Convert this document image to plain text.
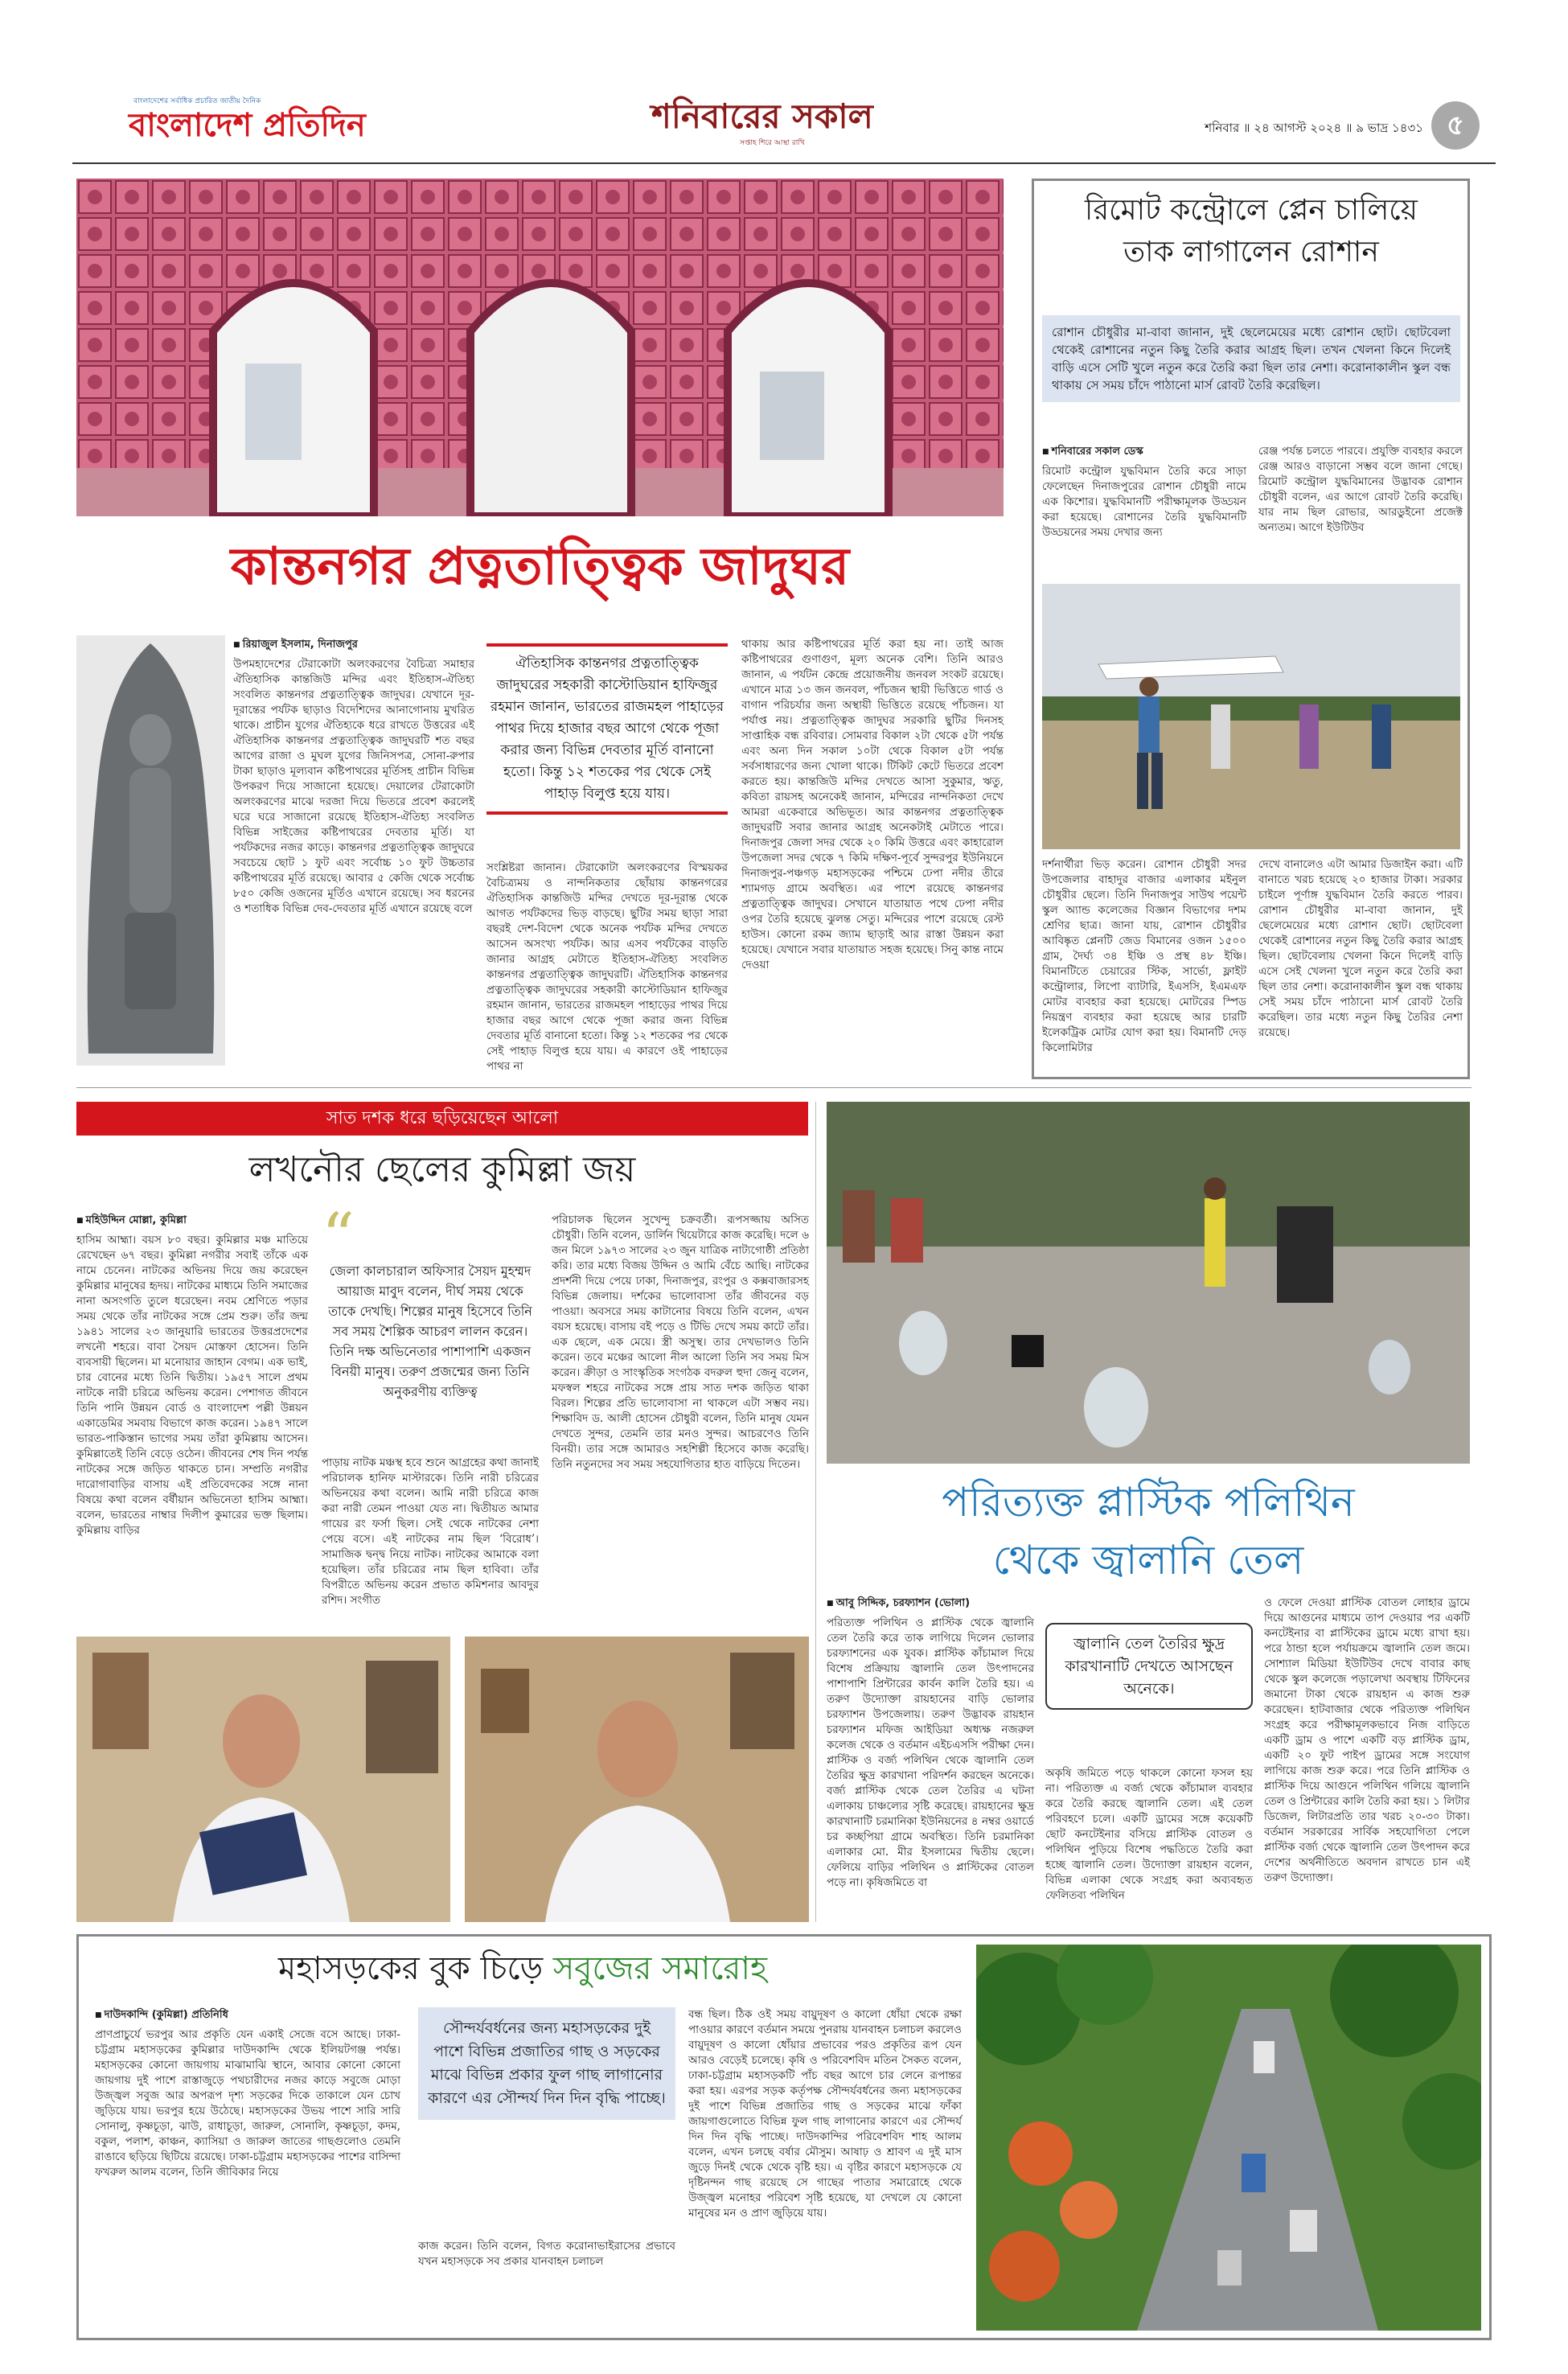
বাংলাদেশের সর্বাধিক প্রচারিত জাতীয় দৈনিক
বাংলাদেশ প্রতিদিন	শনিবারের সকাল
সপ্তাহ শিরে আস্থা রাখি
শনিবার ॥ ২৪ আগস্ট ২০২৪ ॥ ৯ ভাদ্র ১৪৩১ ৫
কান্তনগর প্রত্নতাত্ত্বিক জাদুঘর

■ রিয়াজুল ইসলাম, দিনাজপুর

উপমহাদেশের টেরাকোটা অলংকরণের বৈচিত্র্য সমাহার ঐতিহাসিক কান্তজিউ মন্দির এবং ইতিহাস-ঐতিহ্য সংবলিত কান্তনগর প্রত্নতাত্ত্বিক জাদুঘর। যেখানে দূর-দূরান্তের পর্যটক ছাড়াও বিদেশিদের আনাগোনায় মুখরিত থাকে। প্রাচীন যুগের ঐতিহ্যকে ধরে রাখতে উত্তরের এই ঐতিহাসিক কান্তনগর প্রত্নতাত্ত্বিক জাদুঘরটি শত বছর আগের রাজা ও মুঘল যুগের জিনিসপত্র, সোনা-রুপার টাকা ছাড়াও মূল্যবান কষ্টিপাথরের মূর্তিসহ প্রাচীন বিভিন্ন উপকরণ দিয়ে সাজানো হয়েছে। দেয়ালের টেরাকোটা অলংকরণের মাঝে দরজা দিয়ে ভিতরে প্রবেশ করলেই ঘরে ঘরে সাজানো রয়েছে ইতিহাস-ঐতিহ্য সংবলিত বিভিন্ন সাইজের কষ্টিপাথরের দেবতার মূর্তি। যা পর্যটকদের নজর কাড়ে। কান্তনগর প্রত্নতাত্ত্বিক জাদুঘরে সবচেয়ে ছোট ১ ফুট এবং সর্বোচ্চ ১০ ফুট উচ্চতার কষ্টিপাথরের মূর্তি রয়েছে। আবার ৫ কেজি থেকে সর্বোচ্চ ৮৫০ কেজি ওজনের মূর্তিও এখানে রয়েছে। সব ধরনের ও শতাধিক বিভিন্ন দেব-দেবতার মূর্তি এখানে রয়েছে বলে

ঐতিহাসিক কান্তনগর প্রত্নতাত্ত্বিক জাদুঘরের সহকারী কাস্টোডিয়ান হাফিজুর রহমান জানান, ভারতের রাজমহল পাহাড়ের পাথর দিয়ে হাজার বছর আগে থেকে পূজা করার জন্য বিভিন্ন দেবতার মূর্তি বানানো হতো। কিন্তু ১২ শতকের পর থেকে সেই পাহাড় বিলুপ্ত হয়ে যায়।

সংশ্লিষ্টরা জানান। টেরাকোটা অলংকরণের বিস্ময়কর বৈচিত্র্যময় ও নান্দনিকতার ছোঁয়ায় কান্তনগরের ঐতিহাসিক কান্তজিউ মন্দির দেখতে দূর-দূরান্ত থেকে আগত পর্যটকদের ভিড় বাড়ছে। ছুটির সময় ছাড়া সারা বছরই দেশ-বিদেশ থেকে অনেক পর্যটক মন্দির দেখতে আসেন অসংখ্য পর্যটক। আর এসব পর্যটকের বাড়তি জানার আগ্রহ মেটাতে ইতিহাস-ঐতিহ্য সংবলিত কান্তনগর প্রত্নতাত্ত্বিক জাদুঘরটি। ঐতিহাসিক কান্তনগর প্রত্নতাত্ত্বিক জাদুঘরের সহকারী কাস্টোডিয়ান হাফিজুর রহমান জানান, ভারতের রাজমহল পাহাড়ের পাথর দিয়ে হাজার বছর আগে থেকে পূজা করার জন্য বিভিন্ন দেবতার মূর্তি বানানো হতো। কিন্তু ১২ শতকের পর থেকে সেই পাহাড় বিলুপ্ত হয়ে যায়। এ কারণে ওই পাহাড়ের পাথর না

থাকায় আর কষ্টিপাথরের মূর্তি করা হয় না। তাই আজ কষ্টিপাথরের গুণাগুণ, মূল্য অনেক বেশি। তিনি আরও জানান, এ পর্যটন কেন্দ্রে প্রয়োজনীয় জনবল সংকট রয়েছে। এখানে মাত্র ১৩ জন জনবল, পাঁচজন স্থায়ী ভিত্তিতে গার্ড ও বাগান পরিচর্যার জন্য অস্থায়ী ভিত্তিতে রয়েছে পাঁচজন। যা পর্যাপ্ত নয়। প্রত্নতাত্ত্বিক জাদুঘর সরকারি ছুটির দিনসহ সাপ্তাহিক বন্ধ রবিবার। সোমবার বিকাল ২টা থেকে ৫টা পর্যন্ত এবং অন্য দিন সকাল ১০টা থেকে বিকাল ৫টা পর্যন্ত সর্বসাধারণের জন্য খোলা থাকে। টিকিট কেটে ভিতরে প্রবেশ করতে হয়। কান্তজিউ মন্দির দেখতে আসা সুকুমার, ঋতু, কবিতা রায়সহ অনেকেই জানান, মন্দিরের নান্দনিকতা দেখে আমরা একেবারে অভিভূত। আর কান্তনগর প্রত্নতাত্ত্বিক জাদুঘরটি সবার জানার আগ্রহ অনেকটাই মেটাতে পারে। দিনাজপুর জেলা সদর থেকে ২০ কিমি উত্তরে এবং কাহারোল উপজেলা সদর থেকে ৭ কিমি দক্ষিণ-পূর্বে সুন্দরপুর ইউনিয়নে দিনাজপুর-পঞ্চগড় মহাসড়কের পশ্চিমে ঢেপা নদীর তীরে শ্যামগড় গ্রামে অবস্থিত। এর পাশে রয়েছে কান্তনগর প্রত্নতাত্ত্বিক জাদুঘর। সেখানে যাতায়াত পথে ঢেপা নদীর ওপর তৈরি হয়েছে ঝুলন্ত সেতু। মন্দিরের পাশে রয়েছে রেস্ট হাউস। কোনো রকম জ্যাম ছাড়াই আর রাস্তা উন্নয়ন করা হয়েছে। যেখানে সবার যাতায়াত সহজ হয়েছে। সিনু কান্ত নামে দেওয়া

রিমোট কন্ট্রোলে প্লেন চালিয়ে
তাক লাগালেন রোশান

রোশান চৌধুরীর মা-বাবা জানান, দুই ছেলেমেয়ের মধ্যে রোশান ছোট। ছোটবেলা থেকেই রোশানের নতুন কিছু তৈরি করার আগ্রহ ছিল। তখন খেলনা কিনে দিলেই বাড়ি এসে সেটি খুলে নতুন করে তৈরি করা ছিল তার নেশা। করোনাকালীন স্কুল বন্ধ থাকায় সে সময় চাঁদে পাঠানো মার্স রোবট তৈরি করেছিল।

■ শনিবারের সকাল ডেস্ক

রিমোট কন্ট্রোল যুদ্ধবিমান তৈরি করে সাড়া ফেলেছেন দিনাজপুরের রোশান চৌধুরী নামে এক কিশোর। যুদ্ধবিমানটি পরীক্ষামূলক উড্ডয়ন করা হয়েছে। রোশানের তৈরি যুদ্ধবিমানটি উড্ডয়নের সময় দেখার জন্য

রেঞ্জ পর্যন্ত চলতে পারবে। প্রযুক্তি ব্যবহার করলে রেঞ্জ আরও বাড়ানো সম্ভব বলে জানা গেছে। রিমোট কন্ট্রোল যুদ্ধবিমানের উদ্ভাবক রোশান চৌধুরী বলেন, এর আগে রোবট তৈরি করেছি। যার নাম ছিল রোভার, আরডুইনো প্রজেক্ট অন্যতম। আগে ইউটিউব

দর্শনার্থীরা ভিড় করেন। রোশান চৌধুরী সদর উপজেলার বাহাদুর বাজার এলাকার মইনুল চৌধুরীর ছেলে। তিনি দিনাজপুর সাউথ পয়েন্ট স্কুল অ্যান্ড কলেজের বিজ্ঞান বিভাগের দশম শ্রেণির ছাত্র। জানা যায়, রোশান চৌধুরীর আবিষ্কৃত প্লেনটি জেড বিমানের ওজন ১৫০০ গ্রাম, দৈর্ঘ্য ৩৪ ইঞ্চি ও প্রস্থ ৪৮ ইঞ্চি। বিমানটিতে চেয়ারের স্টিক, সার্ভো, ফ্লাইট কন্ট্রোলার, লিপো ব্যাটারি, ইএসসি, ইএমএফ মোটর ব্যবহার করা হয়েছে। মোটরের স্পিড নিয়ন্ত্রণ ব্যবহার করা হয়েছে আর চারটি ইলেকট্রিক মোটর যোগ করা হয়। বিমানটি দেড় কিলোমিটার

দেখে বানালেও এটা আমার ডিজাইন করা। এটি বানাতে খরচ হয়েছে ২০ হাজার টাকা। সরকার চাইলে পূর্ণাঙ্গ যুদ্ধবিমান তৈরি করতে পারব। রোশান চৌধুরীর মা-বাবা জানান, দুই ছেলেমেয়ের মধ্যে রোশান ছোট। ছোটবেলা থেকেই রোশানের নতুন কিছু তৈরি করার আগ্রহ ছিল। ছোটবেলায় খেলনা কিনে দিলেই বাড়ি এসে সেই খেলনা খুলে নতুন করে তৈরি করা ছিল তার নেশা। করোনাকালীন স্কুল বন্ধ থাকায় সেই সময় চাঁদে পাঠানো মার্স রোবট তৈরি করেছিল। তার মধ্যে নতুন কিছু তৈরির নেশা রয়েছে।

সাত দশক ধরে ছড়িয়েছেন আলো
লখনৌর ছেলের কুমিল্লা জয়

■ মহিউদ্দিন মোল্লা, কুমিল্লা

হাসিম আহ্মা। বয়স ৮০ বছর। কুমিল্লার মঞ্চ মাতিয়ে রেখেছেন ৬৭ বছর। কুমিল্লা নগরীর সবাই তাঁকে এক নামে চেনেন। নাটকের অভিনয় দিয়ে জয় করেছেন কুমিল্লার মানুষের হৃদয়। নাটকের মাধ্যমে তিনি সমাজের নানা অসংগতি তুলে ধরেছেন। নবম শ্রেণিতে পড়ার সময় থেকে তাঁর নাটকের সঙ্গে প্রেম শুরু। তাঁর জন্ম ১৯৪১ সালের ২৩ জানুয়ারি ভারতের উত্তরপ্রদেশের লখনৌ শহরে। বাবা সৈয়দ মোস্তফা হোসেন। তিনি ব্যবসায়ী ছিলেন। মা মনোয়ার জাহান বেগম। এক ভাই, চার বোনের মধ্যে তিনি দ্বিতীয়। ১৯৫৭ সালে প্রথম নাটকে নারী চরিত্রে অভিনয় করেন। পেশাগত জীবনে তিনি পানি উন্নয়ন বোর্ড ও বাংলাদেশ পল্লী উন্নয়ন একাডেমির সমবায় বিভাগে কাজ করেন। ১৯৪৭ সালে ভারত-পাকিস্তান ভাগের সময় তাঁরা কুমিল্লায় আসেন। কুমিল্লাতেই তিনি বেড়ে ওঠেন। জীবনের শেষ দিন পর্যন্ত নাটকের সঙ্গে জড়িত থাকতে চান। সম্প্রতি নগরীর দারোগাবাড়ির বাসায় এই প্রতিবেদকের সঙ্গে নানা বিষয়ে কথা বলেন বর্ষীয়ান অভিনেতা হাসিম আহ্মা। বলেন, ভারতের নাম্বার দিলীপ কুমারের ভক্ত ছিলাম। কুমিল্লায় বাড়ির

“

জেলা কালচারাল অফিসার সৈয়দ মুহম্মদ আয়াজ মাবুদ বলেন, দীর্ঘ সময় থেকে তাকে দেখছি। শিল্পের মানুষ হিসেবে তিনি সব সময় শৈল্পিক আচরণ লালন করেন। তিনি দক্ষ অভিনেতার পাশাপাশি একজন বিনয়ী মানুষ। তরুণ প্রজন্মের জন্য তিনি অনুকরণীয় ব্যক্তিত্ব

পাড়ায় নাটক মঞ্চস্থ হবে শুনে আগ্রহের কথা জানাই পরিচালক হানিফ মাস্টারকে। তিনি নারী চরিত্রের অভিনয়ের কথা বলেন। আমি নারী চরিত্রে কাজ করা নারী তেমন পাওয়া যেত না। দ্বিতীয়ত আমার গায়ের রং ফর্সা ছিল। সেই থেকে নাটকের নেশা পেয়ে বসে। এই নাটকের নাম ছিল ‘বিরোধ’। সামাজিক দ্বন্দ্ব নিয়ে নাটক। নাটকের আমাকে বলা হয়েছিল। তাঁর চরিত্রের নাম ছিল হাবিবা। তাঁর বিপরীতে অভিনয় করেন প্রভাত কমিশনার আবদুর রশিদ। সংগীত

পরিচালক ছিলেন সুখেন্দু চক্রবর্তী। রূপসজ্জায় অসিত চৌধুরী। তিনি বলেন, ডার্লিন থিয়েটারে কাজ করেছি। দলে ৬ জন মিলে ১৯৭৩ সালের ২৩ জুন যাত্রিক নাট্যগোষ্ঠী প্রতিষ্ঠা করি। তার মধ্যে বিজয় উদ্দিন ও আমি বেঁচে আছি। নাটকের প্রদর্শনী দিয়ে পেয়ে ঢাকা, দিনাজপুর, রংপুর ও কক্সবাজারসহ বিভিন্ন জেলায়। দর্শকের ভালোবাসা তাঁর জীবনের বড় পাওয়া। অবসরে সময় কাটানোর বিষয়ে তিনি বলেন, এখন বয়স হয়েছে। বাসায় বই পড়ে ও টিভি দেখে সময় কাটে তাঁর। এক ছেলে, এক মেয়ে। স্ত্রী অসুস্থ। তার দেখভালও তিনি করেন। তবে মঞ্চের আলো নীল আলো তিনি সব সময় মিস করেন। ক্রীড়া ও সাংস্কৃতিক সংগঠক বদরুল হুদা জেনু বলেন, মফস্বল শহরে নাটকের সঙ্গে প্রায় সাত দশক জড়িত থাকা বিরল। শিল্পের প্রতি ভালোবাসা না থাকলে এটা সম্ভব নয়। শিক্ষাবিদ ড. আলী হোসেন চৌধুরী বলেন, তিনি মানুষ যেমন দেখতে সুন্দর, তেমনি তার মনও সুন্দর। আচরণেও তিনি বিনয়ী। তার সঙ্গে আমারও সহশিল্পী হিসেবে কাজ করেছি। তিনি নতুনদের সব সময় সহযোগিতার হাত বাড়িয়ে দিতেন।

পরিত্যক্ত প্লাস্টিক পলিথিন
থেকে জ্বালানি তেল

■ আবু সিদ্দিক, চরফ্যাশন (ভোলা)

পরিত্যক্ত পলিথিন ও প্লাস্টিক থেকে জ্বালানি তেল তৈরি করে তাক লাগিয়ে দিলেন ভোলার চরফ্যাশনের এক যুবক। প্লাস্টিক কাঁচামাল দিয়ে বিশেষ প্রক্রিয়ায় জ্বালানি তেল উৎপাদনের পাশাপাশি প্রিন্টারের কার্বন কালি তৈরি হয়। এ তরুণ উদ্যোক্তা রায়হানের বাড়ি ভোলার চরফ্যাশন উপজেলায়। তরুণ উদ্ভাবক রায়হান চরফ্যাশন মফিজ আইডিয়া অধ্যক্ষ নজরুল কলেজ থেকে ও বর্তমান এইচএসসি পরীক্ষা দেন। প্লাস্টিক ও বর্জ্য পলিথিন থেকে জ্বালানি তেল তৈরির ক্ষুদ্র কারখানা পরিদর্শন করছেন অনেকে। বর্জ্য প্লাস্টিক থেকে তেল তৈরির এ ঘটনা এলাকায় চাঞ্চল্যের সৃষ্টি করেছে। রায়হানের ক্ষুদ্র কারখানাটি চরমানিকা ইউনিয়নের ৪ নম্বর ওয়ার্ডে চর কচ্ছপিয়া গ্রামে অবস্থিত। তিনি চরমানিকা এলাকার মো. মীর ইসলামের দ্বিতীয় ছেলে। ফেলিয়ে বাড়ির পলিথিন ও প্লাস্টিকের বোতল পড়ে না। কৃষিজমিতে বা

জ্বালানি তেল তৈরির ক্ষুদ্র কারখানাটি দেখতে আসছেন অনেকে।

অকৃষি জমিতে পড়ে থাকলে কোনো ফসল হয় না। পরিত্যক্ত এ বর্জ্য থেকে কাঁচামাল ব্যবহার করে তৈরি করছে জ্বালানি তেল। এই তেল পরিবহণে চলে। একটি ড্রামের সঙ্গে কয়েকটি ছোট কনটেইনার বসিয়ে প্লাস্টিক বোতল ও পলিথিন পুড়িয়ে বিশেষ পদ্ধতিতে তৈরি করা হচ্ছে জ্বালানি তেল। উদ্যোক্তা রায়হান বলেন, বিভিন্ন এলাকা থেকে সংগ্রহ করা অব্যবহৃত ফেলিতব্য পলিথিন

ও ফেলে দেওয়া প্লাস্টিক বোতল লোহার ড্রামে দিয়ে আগুনের মাধ্যমে তাপ দেওয়ার পর একটি কনটেইনার বা প্লাস্টিকের ড্রামে মধ্যে রাখা হয়। পরে ঠান্ডা হলে পর্যায়ক্রমে জ্বালানি তেল জমে। সোশ্যাল মিডিয়া ইউটিউব দেখে বাবার কাছ থেকে স্কুল কলেজে পড়ালেখা অবস্থায় টিফিনের জমানো টাকা থেকে রায়হান এ কাজ শুরু করেছেন। হাটবাজার থেকে পরিত্যক্ত পলিথিন সংগ্রহ করে পরীক্ষামূলকভাবে নিজ বাড়িতে একটি ড্রাম ও পাশে একটি বড় প্লাস্টিক ড্রাম, একটি ২০ ফুট পাইপ ড্রামের সঙ্গে সংযোগ লাগিয়ে কাজ শুরু করে। পরে তিনি প্লাস্টিক ও প্লাস্টিক দিয়ে আগুনে পলিথিন গলিয়ে জ্বালানি তেল ও প্রিন্টারের কালি তৈরি করা হয়। ১ লিটার ডিজেল, লিটারপ্রতি তার খরচ ২০-৩০ টাকা। বর্তমান সরকারের সার্বিক সহযোগিতা পেলে প্লাস্টিক বর্জ্য থেকে জ্বালানি তেল উৎপাদন করে দেশের অর্থনীতিতে অবদান রাখতে চান এই তরুণ উদ্যোক্তা।

মহাসড়কের বুক চিড়ে সবুজের সমারোহ

■ দাউদকান্দি (কুমিল্লা) প্রতিনিধি

প্রাণপ্রাচুর্যে ভরপুর আর প্রকৃতি যেন একাই সেজে বসে আছে। ঢাকা-চট্টগ্রাম মহাসড়কের কুমিল্লার দাউদকান্দি থেকে ইলিয়টগঞ্জ পর্যন্ত। মহাসড়কের কোনো জায়গায় মাঝামাঝি স্থানে, আবার কোনো কোনো জায়গায় দুই পাশে রাস্তাজুড়ে পথচারীদের নজর কাড়ে সবুজে মোড়া উজ্জ্বল সবুজ আর অপরূপ দৃশ্য সড়কের দিকে তাকালে যেন চোখ জুড়িয়ে যায়। ভরপুর হয়ে উঠেছে। মহাসড়কের উভয় পাশে সারি সারি সোনালু, কৃষ্ণচূড়া, ঝাউ, রাধাচূড়া, জারুল, সোনালি, কৃষ্ণচূড়া, কদম, বকুল, পলাশ, কাঞ্চন, ক্যাসিয়া ও জারুল জাতের গাছগুলোও তেমনি রাঙাবে ছড়িয়ে ছিটিয়ে রয়েছে। ঢাকা-চট্টগ্রাম মহাসড়কের পাশের বাসিন্দা ফখরুল আলম বলেন, তিনি জীবিকার নিয়ে

সৌন্দর্যবর্ধনের জন্য মহাসড়কের দুই পাশে বিভিন্ন প্রজাতির গাছ ও সড়কের মাঝে বিভিন্ন প্রকার ফুল গাছ লাগানোর কারণে এর সৌন্দর্য দিন দিন বৃদ্ধি পাচ্ছে।

কাজ করেন। তিনি বলেন, বিগত করোনাভাইরাসের প্রভাবে যখন মহাসড়কে সব প্রকার যানবাহন চলাচল

বন্ধ ছিল। ঠিক ওই সময় বায়ুদূষণ ও কালো ধোঁয়া থেকে রক্ষা পাওয়ার কারণে বর্তমান সময়ে পুনরায় যানবাহন চলাচল করলেও বায়ুদূষণ ও কালো ধোঁয়ার প্রভাবের পরও প্রকৃতির রূপ যেন আরও বেড়েই চলেছে। কৃষি ও পরিবেশবিদ মতিন সৈকত বলেন, ঢাকা-চট্টগ্রাম মহাসড়কটি পাঁচ বছর আগে চার লেনে রূপান্তর করা হয়। এরপর সড়ক কর্তৃপক্ষ সৌন্দর্যবর্ধনের জন্য মহাসড়কের দুই পাশে বিভিন্ন প্রজাতির গাছ ও সড়কের মাঝে ফাঁকা জায়গাগুলোতে বিভিন্ন ফুল গাছ লাগানোর কারণে এর সৌন্দর্য দিন দিন বৃদ্ধি পাচ্ছে। দাউদকান্দির পরিবেশবিদ শাহ আলম বলেন, এখন চলছে বর্ষার মৌসুম। আষাঢ় ও শ্রাবণ এ দুই মাস জুড়ে দিনই থেকে থেকে বৃষ্টি হয়। এ বৃষ্টির কারণে মহাসড়কে যে দৃষ্টিনন্দন গাছ রয়েছে সে গাছের পাতার সমারোহে থেকে উজ্জ্বল মনোহর পরিবেশ সৃষ্টি হয়েছে, যা দেখলে যে কোনো মানুষের মন ও প্রাণ জুড়িয়ে যায়।
